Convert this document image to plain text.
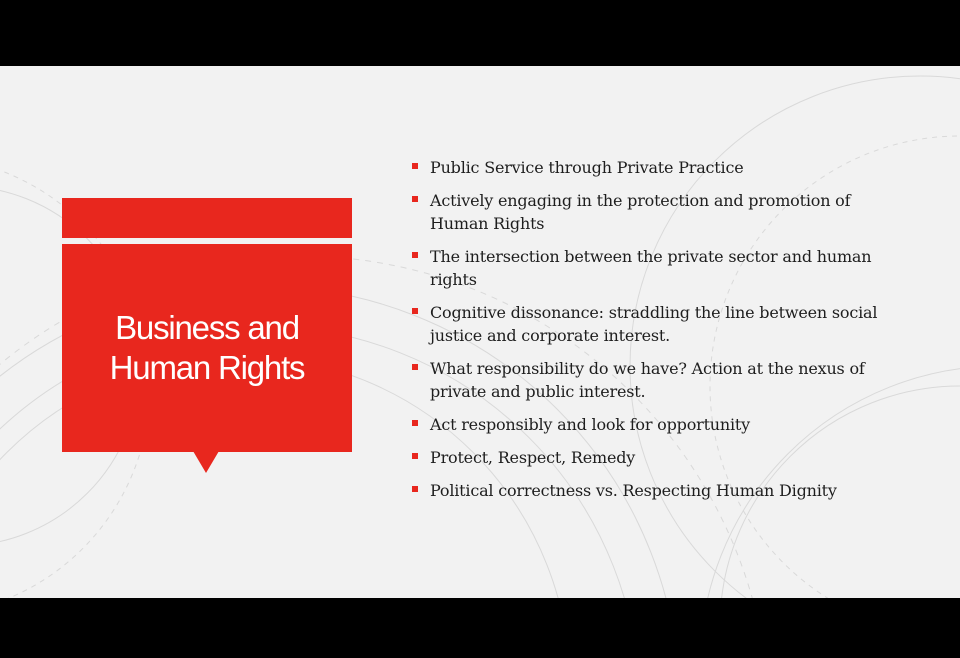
Business and Human Rights
Public Service through Private Practice
Actively engaging in the protection and promotion of Human Rights
The intersection between the private sector and human rights
Cognitive dissonance: straddling the line between social justice and corporate interest.
What responsibility do we have? Action at the nexus of private and public interest.
Act responsibly and look for opportunity
Protect, Respect, Remedy
Political correctness vs. Respecting Human Dignity
